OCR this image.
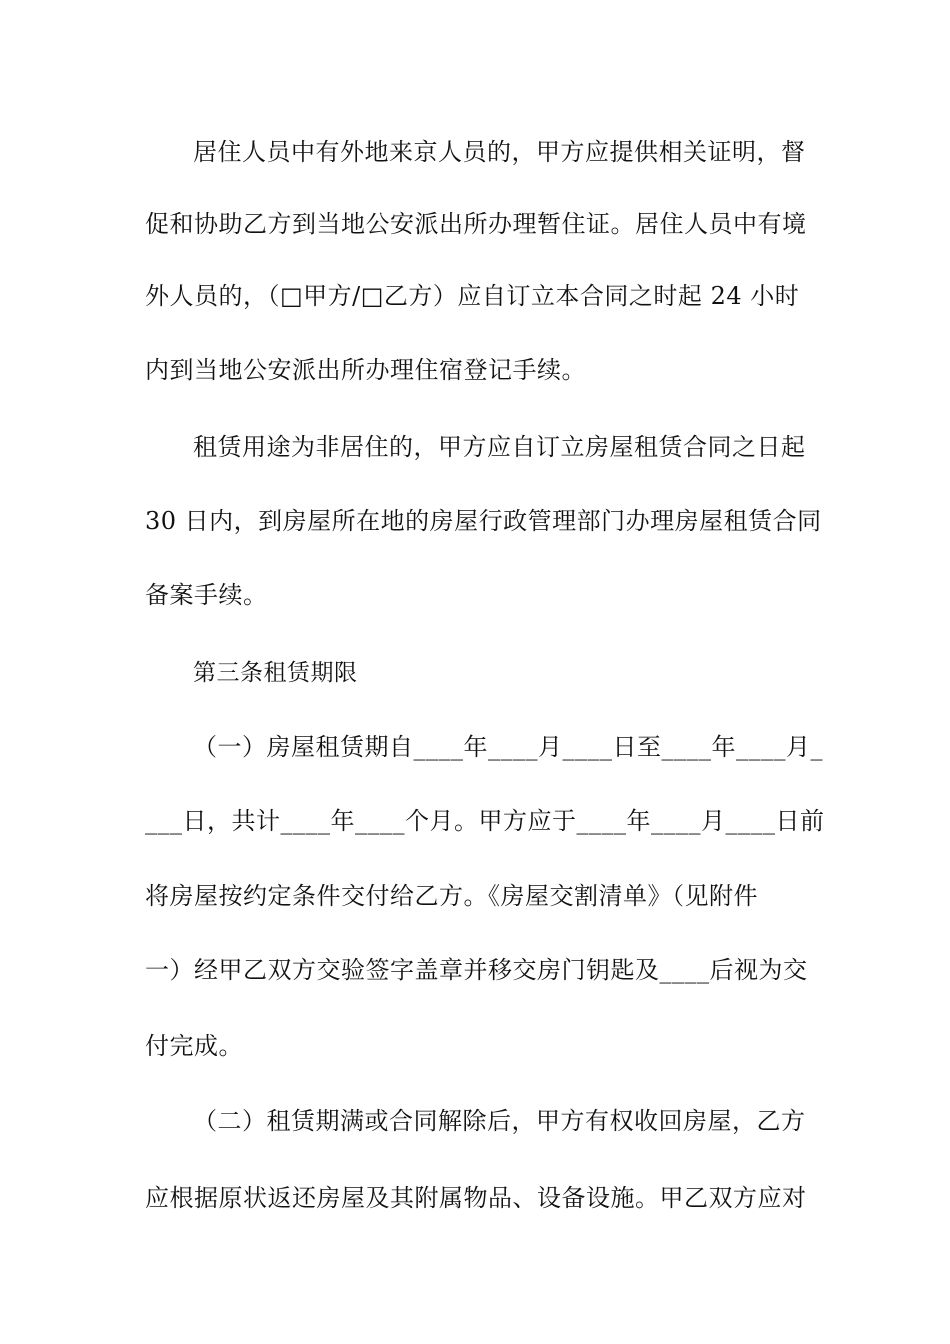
居住人员中有外地来京人员的，甲方应提供相关证明，督
促和协助乙方到当地公安派出所办理暂住证。居住人员中有境
外人员的，（□甲方/□乙方）应自订立本合同之时起 24 小时
内到当地公安派出所办理住宿登记手续。
租赁用途为非居住的，甲方应自订立房屋租赁合同之日起
30 日内，到房屋所在地的房屋行政管理部门办理房屋租赁合同
备案手续。
第三条租赁期限
（一）房屋租赁期自____年____月____日至____年____月_
___日，共计____年____个月。甲方应于____年____月____日前
将房屋按约定条件交付给乙方。《房屋交割清单》（见附件
一）经甲乙双方交验签字盖章并移交房门钥匙及____后视为交
付完成。
（二）租赁期满或合同解除后，甲方有权收回房屋，乙方
应根据原状返还房屋及其附属物品、设备设施。甲乙双方应对
